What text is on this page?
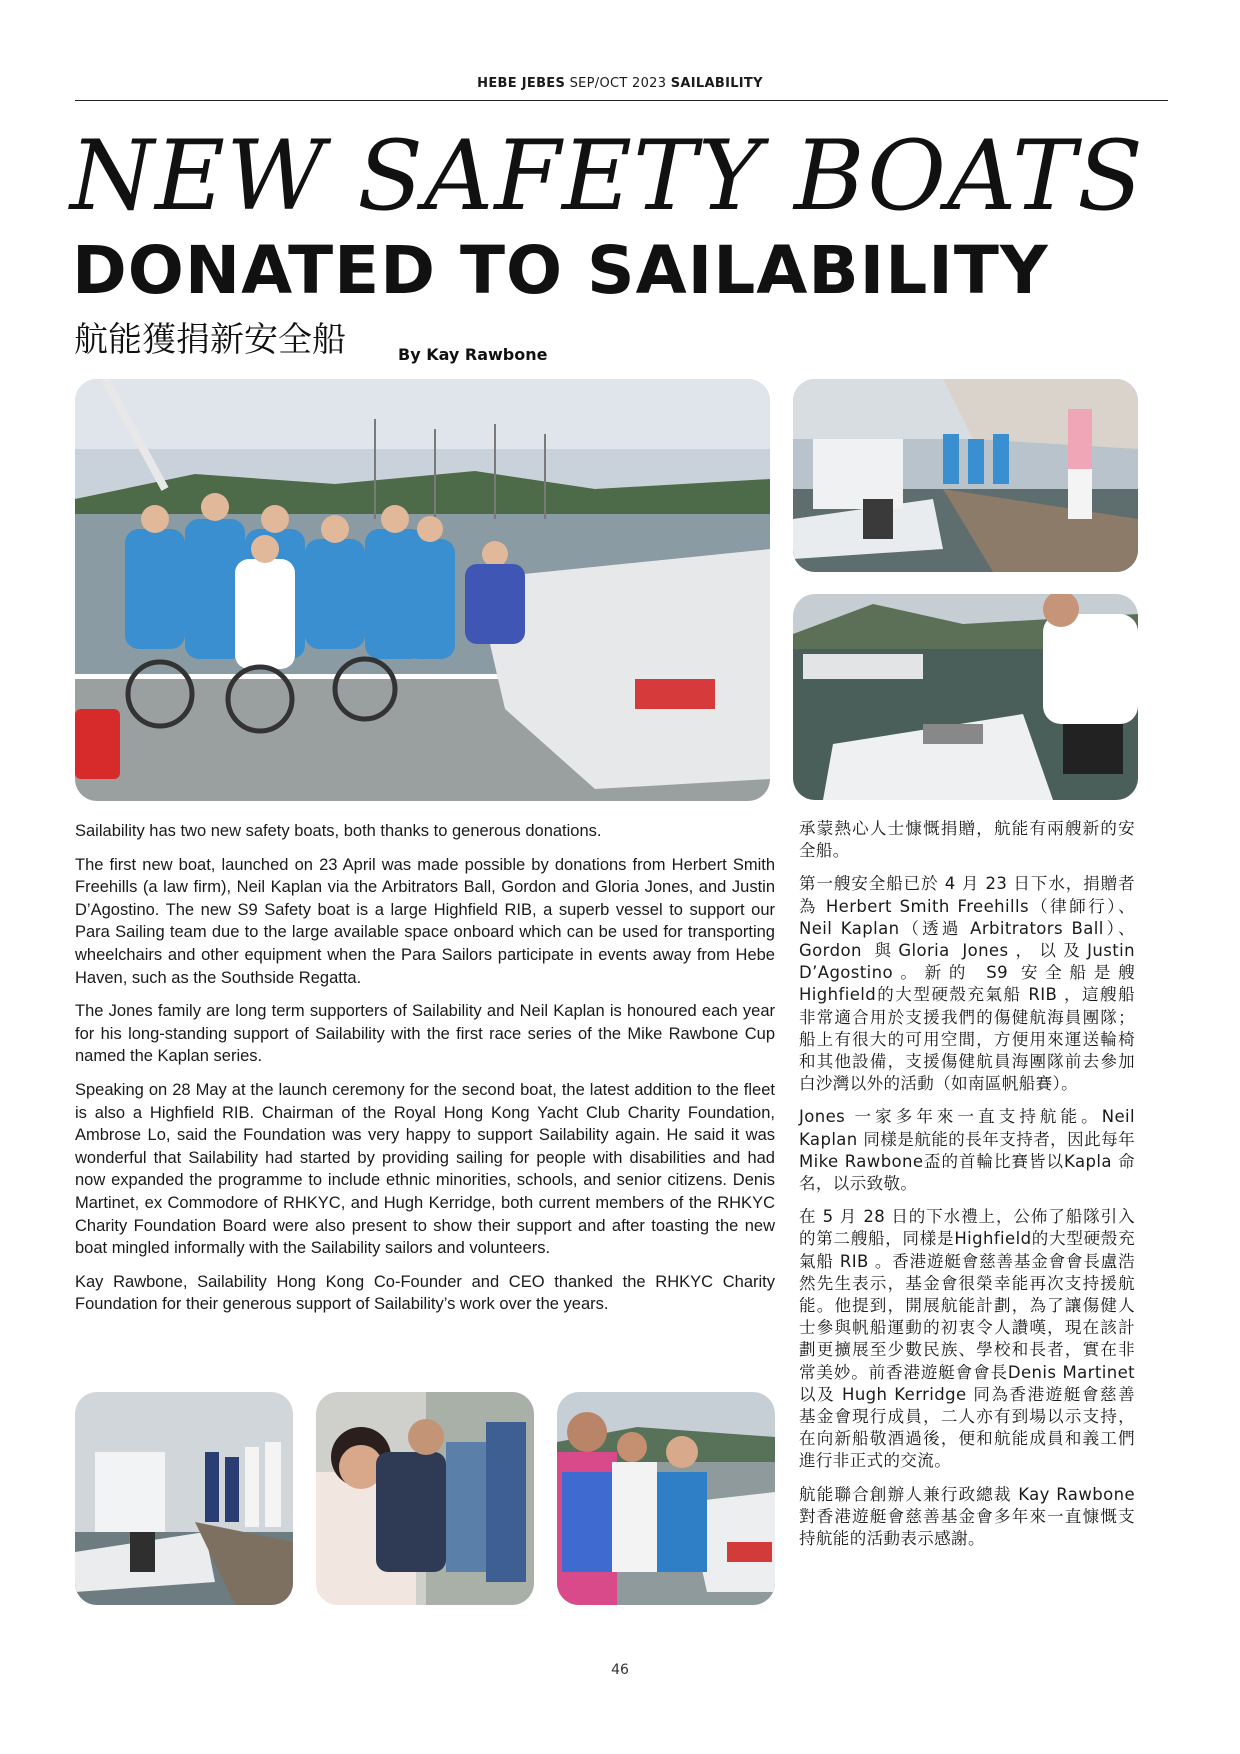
HEBE JEBES SEP/OCT 2023 SAILABILITY
NEW SAFETY BOATS
DONATED TO SAILABILITY
航能獲捐新安全船	By Kay Rawbone

Sailability has two new safety boats, both thanks to generous donations.

The first new boat, launched on 23 April was made possible by donations from Herbert Smith Freehills (a law firm), Neil Kaplan via the Arbitrators Ball, Gordon and Gloria Jones, and Justin D’Agostino. The new S9 Safety boat is a large Highfield RIB, a superb vessel to support our Para Sailing team due to the large available space onboard which can be used for transporting wheelchairs and other equipment when the Para Sailors participate in events away from Hebe Haven, such as the Southside Regatta.

The Jones family are long term supporters of Sailability and Neil Kaplan is honoured each year for his long-standing support of Sailability with the first race series of the Mike Rawbone Cup named the Kaplan series.

Speaking on 28 May at the launch ceremony for the second boat, the latest addition to the fleet is also a Highfield RIB. Chairman of the Royal Hong Kong Yacht Club Charity Foundation, Ambrose Lo, said the Foundation was very happy to support Sailability again. He said it was wonderful that Sailability had started by providing sailing for people with disabilities and had now expanded the programme to include ethnic minorities, schools, and senior citizens. Denis Martinet, ex Commodore of RHKYC, and Hugh Kerridge, both current members of the RHKYC Charity Foundation Board were also present to show their support and after toasting the new boat mingled informally with the Sailability sailors and volunteers.

Kay Rawbone, Sailability Hong Kong Co-Founder and CEO thanked the RHKYC Charity Foundation for their generous support of Sailability’s work over the years.

承蒙熱心人士慷慨捐贈，航能有兩艘新的安全船。

第一艘安全船已於 4 月 23 日下水，捐贈者為 Herbert Smith Freehills（律師行）、Neil Kaplan（透過 Arbitrators Ball）、Gordon 與Gloria Jones，以及Justin D’Agostino。新的 S9 安全船是艘Highfield的大型硬殼充氣船 RIB ，這艘船非常適合用於支援我們的傷健航海員團隊；船上有很大的可用空間，方便用來運送輪椅和其他設備，支援傷健航員海團隊前去參加白沙灣以外的活動（如南區帆船賽）。

Jones 一家多年來一直支持航能。Neil Kaplan 同樣是航能的長年支持者，因此每年Mike Rawbone盃的首輪比賽皆以Kapla 命名，以示致敬。

在 5 月 28 日的下水禮上，公佈了船隊引入的第二艘船，同樣是Highfield的大型硬殼充氣船 RIB 。香港遊艇會慈善基金會會長盧浩然先生表示，基金會很榮幸能再次支持援航能。他提到，開展航能計劃，為了讓傷健人士參與帆船運動的初衷令人讚嘆，現在該計劃更擴展至少數民族、學校和長者，實在非常美妙。前香港遊艇會會長Denis Martinet 以及 Hugh Kerridge 同為香港遊艇會慈善基金會現行成員，二人亦有到場以示支持，在向新船敬酒過後，便和航能成員和義工們進行非正式的交流。

航能聯合創辦人兼行政總裁 Kay Rawbone 對香港遊艇會慈善基金會多年來一直慷慨支持航能的活動表示感謝。

46
